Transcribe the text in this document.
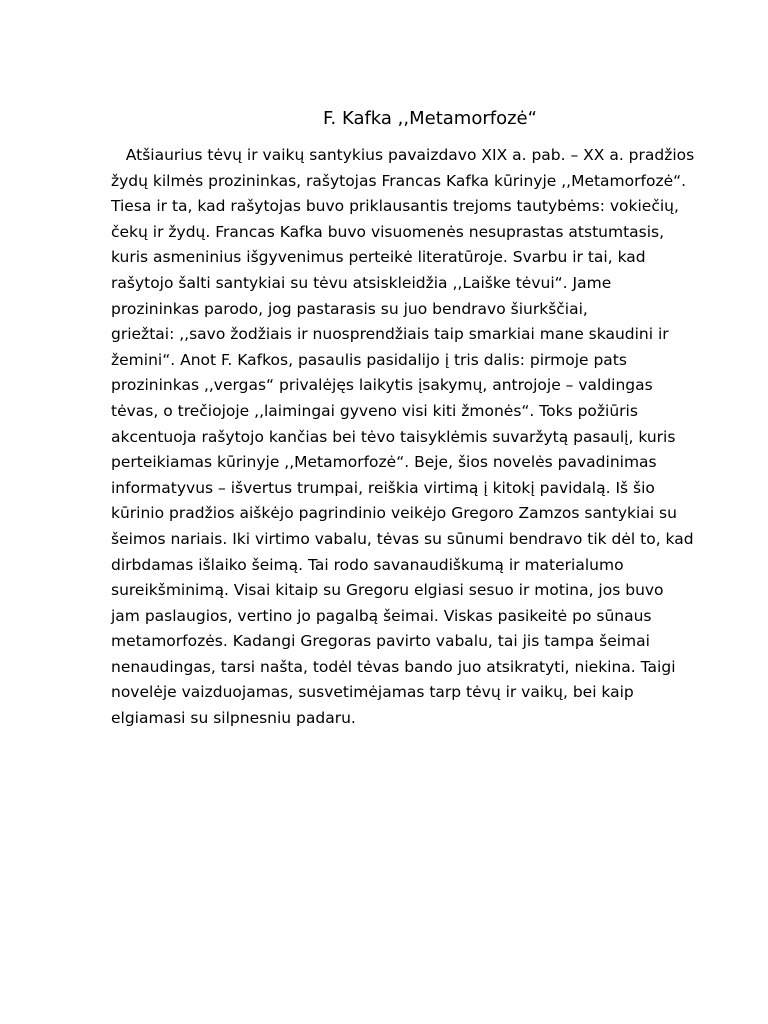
F. Kafka ,,Metamorfozė“
Atšiaurius tėvų ir vaikų santykius pavaizdavo XIX a. pab. – XX a. pradžios
žydų kilmės prozininkas, rašytojas Francas Kafka kūrinyje ,,Metamorfozė“.
Tiesa ir ta, kad rašytojas buvo priklausantis trejoms tautybėms: vokiečių,
čekų ir žydų. Francas Kafka buvo visuomenės nesuprastas atstumtasis,
kuris asmeninius išgyvenimus perteikė literatūroje. Svarbu ir tai, kad
rašytojo šalti santykiai su tėvu atsiskleidžia ,,Laiške tėvui“. Jame
prozininkas parodo, jog pastarasis su juo bendravo šiurkščiai,
griežtai: ,,savo žodžiais ir nuosprendžiais taip smarkiai mane skaudini ir
žemini“. Anot F. Kafkos, pasaulis pasidalijo į tris dalis: pirmoje pats
prozininkas ,,vergas“ privalėjęs laikytis įsakymų, antrojoje – valdingas
tėvas, o trečiojoje ,,laimingai gyveno visi kiti žmonės“. Toks požiūris
akcentuoja rašytojo kančias bei tėvo taisyklėmis suvaržytą pasaulį, kuris
perteikiamas kūrinyje ,,Metamorfozė“. Beje, šios novelės pavadinimas
informatyvus – išvertus trumpai, reiškia virtimą į kitokį pavidalą. Iš šio
kūrinio pradžios aiškėjo pagrindinio veikėjo Gregoro Zamzos santykiai su
šeimos nariais. Iki virtimo vabalu, tėvas su sūnumi bendravo tik dėl to, kad
dirbdamas išlaiko šeimą. Tai rodo savanaudiškumą ir materialumo
sureikšminimą. Visai kitaip su Gregoru elgiasi sesuo ir motina, jos buvo
jam paslaugios, vertino jo pagalbą šeimai. Viskas pasikeitė po sūnaus
metamorfozės. Kadangi Gregoras pavirto vabalu, tai jis tampa šeimai
nenaudingas, tarsi našta, todėl tėvas bando juo atsikratyti, niekina. Taigi
novelėje vaizduojamas, susvetimėjamas tarp tėvų ir vaikų, bei kaip
elgiamasi su silpnesniu padaru.
